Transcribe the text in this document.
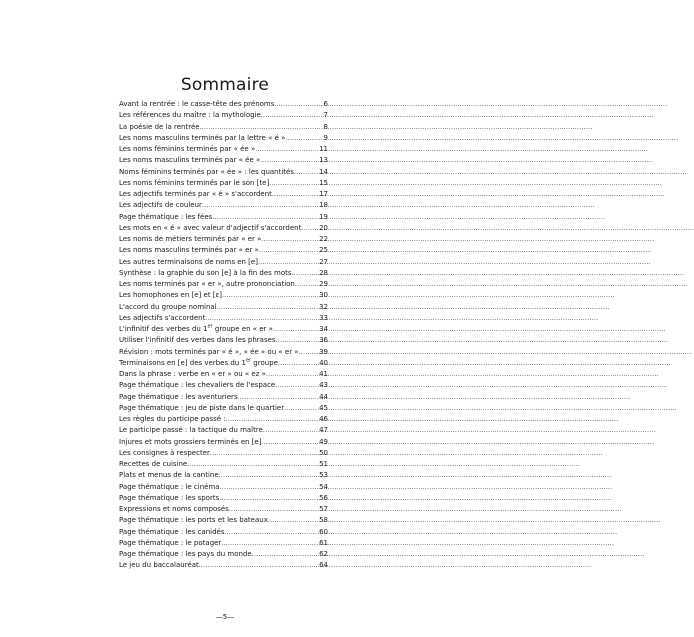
Sommaire
Avant la rentrée : le casse-tête des prénoms .....	6
Les références du maître : la mythologie .....	7
La poésie de la rentrée .....	8
Les noms masculins terminés par la lettre « é » .....	9
Les noms féminins terminés par « ée » .....	11
Les noms masculins terminés par « ée » .....	13
Noms féminins terminés par « ée » : les quantités .....	14
Les noms féminins terminés par le son [te] .....	15
Les adjectifs terminés par « é » s'accordent .....	17
Les adjectifs de couleur .....	18
Page thématique : les fées .....	19
Les mots en « é » avec valeur d'adjectif s'accordent .....	20
Les noms de métiers terminés par « er » .....	22
Les noms masculins terminés par « er » .....	25
Les autres terminaisons de noms en [e] .....	27
Synthèse : la graphie du son [e] à la fin des mots .....	28
Les noms terminés par « er », autre prononciation .....	29
Les homophones en [e] et [ɛ] .....	30
L'accord du groupe nominal .....	32
Les adjectifs s'accordent .....	33
L'infinitif des verbes du 1er groupe en « er » .....	34
Utiliser l'infinitif des verbes dans les phrases .....	36
Révision : mots terminés par « é », « ée » ou « er » .....	39
Terminaisons en [e] des verbes du 1er groupe .....	40
Dans la phrase : verbe en « er » ou « ez » .....	41
Page thématique : les chevaliers de l'espace .....	43
Page thématique : les aventuriers .....	44
Page thématique : jeu de piste dans le quartier .....	45
Les règles du participe passé : .....	46
Le participe passé : la tactique du maître .....	47
Injures et mots grossiers terminés en [e] .....	49
Les consignes à respecter .....	50
Recettes de cuisine .....	51
Plats et menus de la cantine .....	53
Page thématique : le cinéma .....	54
Page thématique : les sports .....	56
Expressions et noms composés .....	57
Page thématique : les ports et les bateaux .....	58
Page thématique : les canidés .....	60
Page thématique : le potager .....	61
Page thématique : les pays du monde .....	62
Le jeu du baccalauréat .....	64
—5—
